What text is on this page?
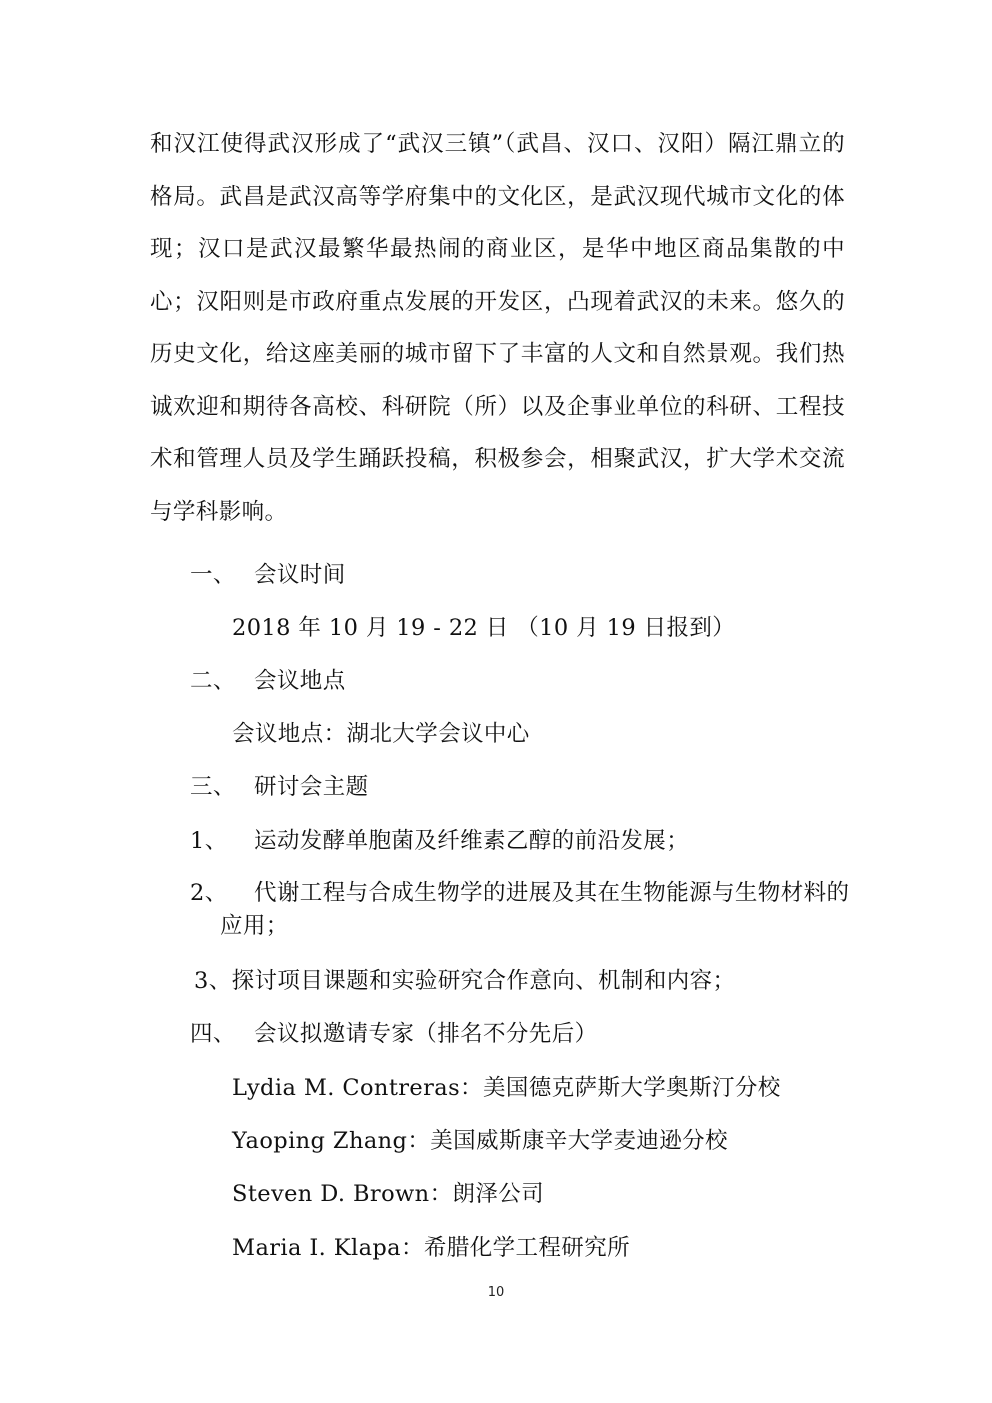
和汉江使得武汉形成了“武汉三镇”（武昌、汉口、汉阳）隔江鼎立的格局。武昌是武汉高等学府集中的文化区，是武汉现代城市文化的体现；汉口是武汉最繁华最热闹的商业区，是华中地区商品集散的中心；汉阳则是市政府重点发展的开发区，凸现着武汉的未来。悠久的历史文化，给这座美丽的城市留下了丰富的人文和自然景观。我们热诚欢迎和期待各高校、科研院（所）以及企事业单位的科研、工程技术和管理人员及学生踊跃投稿，积极参会，相聚武汉，扩大学术交流与学科影响。

一、 会议时间
2018 年 10 月 19 - 22 日 （10 月 19 日报到）
二、 会议地点
会议地点：湖北大学会议中心
三、 研讨会主题
1、 运动发酵单胞菌及纤维素乙醇的前沿发展；
2、	代谢工程与合成生物学的进展及其在生物能源与生物材料的应用；
3、探讨项目课题和实验研究合作意向、机制和内容；
四、 会议拟邀请专家（排名不分先后）
Lydia M. Contreras：美国德克萨斯大学奥斯汀分校
Yaoping Zhang：美国威斯康辛大学麦迪逊分校
Steven D. Brown：朗泽公司
Maria I. Klapa：希腊化学工程研究所
10
